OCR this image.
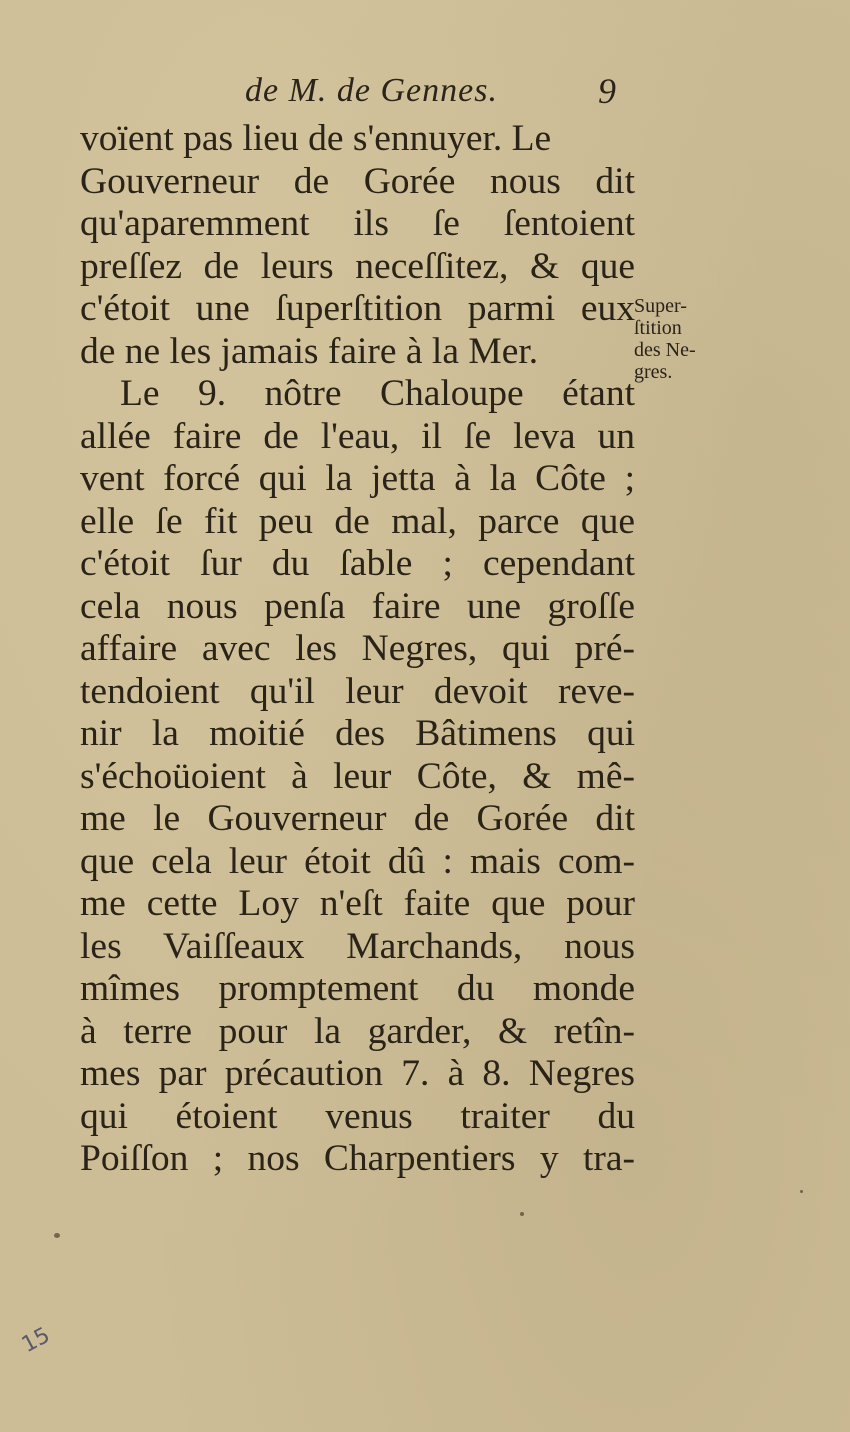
de M. de Gennes.	9
voïent pas lieu de s'ennuyer. Le
Gouverneur de Gorée nous dit
qu'aparemment ils ſe ſentoient
preſſez de leurs neceſſitez, & que
c'étoit une ſuperſtition parmi eux
de ne les jamais faire à la Mer.
Le 9. nôtre Chaloupe étant
allée faire de l'eau, il ſe leva un
vent forcé qui la jetta à la Côte ;
elle ſe fit peu de mal, parce que
c'étoit ſur du ſable ; cependant
cela nous penſa faire une groſſe
affaire avec les Negres, qui pré-
tendoient qu'il leur devoit reve-
nir la moitié des Bâtimens qui
s'échoüoient à leur Côte, & mê-
me le Gouverneur de Gorée dit
que cela leur étoit dû : mais com-
me cette Loy n'eſt faite que pour
les Vaiſſeaux Marchands, nous
mîmes promptement du monde
à terre pour la garder, & retîn-
mes par précaution 7. à 8. Negres
qui étoient venus traiter du
Poiſſon ; nos Charpentiers y tra-
Super-
ſtition
des Ne-
gres.
15
